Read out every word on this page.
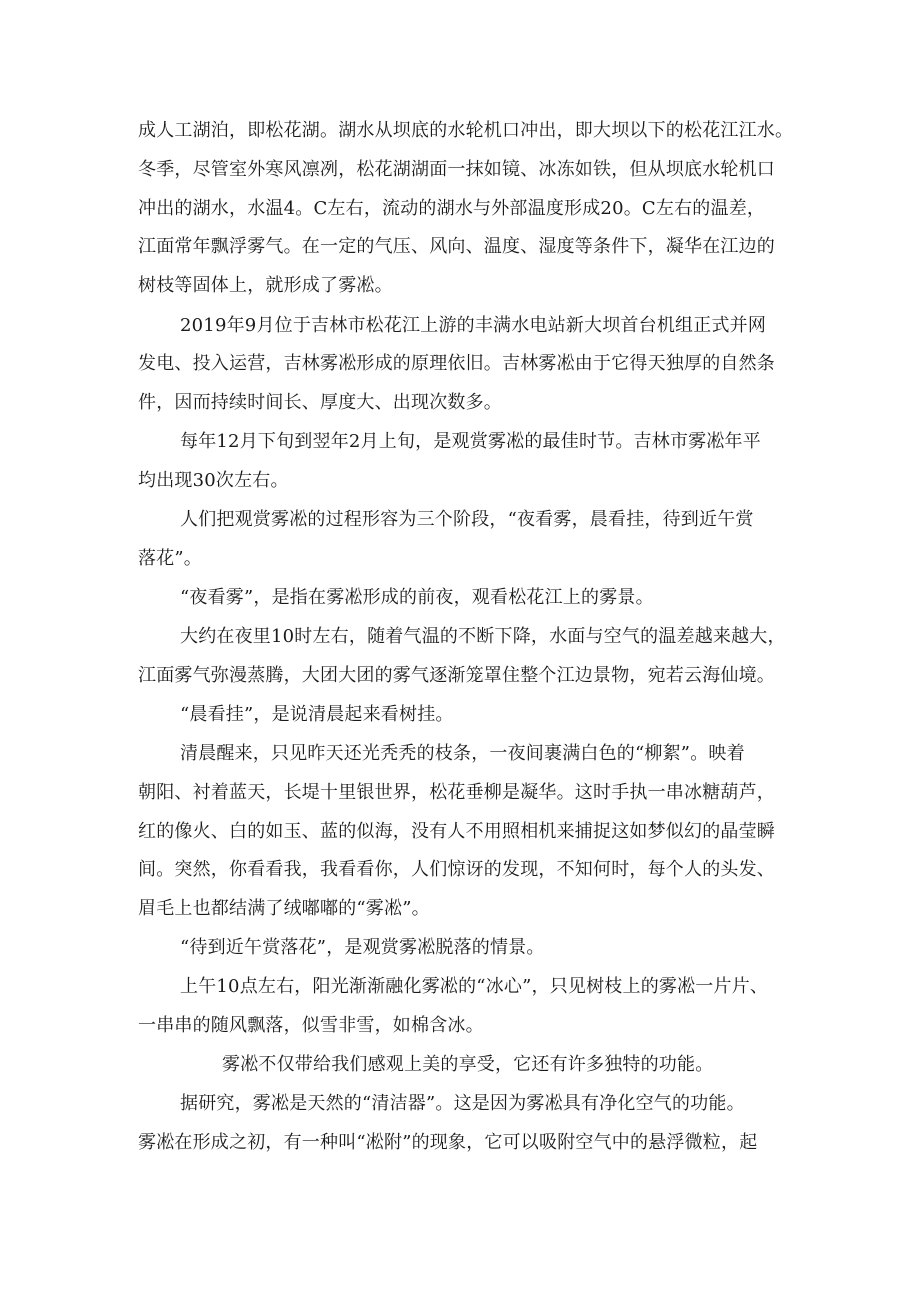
成人工湖泊，即松花湖。湖水从坝底的水轮机口冲出，即大坝以下的松花江江水。
冬季，尽管室外寒风凛冽，松花湖湖面一抹如镜、冰冻如铁，但从坝底水轮机口
冲出的湖水，水温4。C左右，流动的湖水与外部温度形成20。C左右的温差，
江面常年飘浮雾气。在一定的气压、风向、温度、湿度等条件下，凝华在江边的
树枝等固体上，就形成了雾凇。
2019年9月位于吉林市松花江上游的丰满水电站新大坝首台机组正式并网
发电、投入运营，吉林雾凇形成的原理依旧。吉林雾凇由于它得天独厚的自然条
件，因而持续时间长、厚度大、出现次数多。
每年12月下旬到翌年2月上旬，是观赏雾凇的最佳时节。吉林市雾凇年平
均出现30次左右。
人们把观赏雾凇的过程形容为三个阶段，“夜看雾，晨看挂，待到近午赏
落花”。
“夜看雾”，是指在雾凇形成的前夜，观看松花江上的雾景。
大约在夜里10时左右，随着气温的不断下降，水面与空气的温差越来越大，
江面雾气弥漫蒸腾，大团大团的雾气逐渐笼罩住整个江边景物，宛若云海仙境。
“晨看挂”，是说清晨起来看树挂。
清晨醒来，只见昨天还光秃秃的枝条，一夜间裹满白色的“柳絮”。映着
朝阳、衬着蓝天，长堤十里银世界，松花垂柳是凝华。这时手执一串冰糖葫芦，
红的像火、白的如玉、蓝的似海，没有人不用照相机来捕捉这如梦似幻的晶莹瞬
间。突然，你看看我，我看看你，人们惊讶的发现，不知何时，每个人的头发、
眉毛上也都结满了绒嘟嘟的“雾凇”。
“待到近午赏落花”，是观赏雾凇脱落的情景。
上午10点左右，阳光渐渐融化雾凇的“冰心”，只见树枝上的雾凇一片片、
一串串的随风飘落，似雪非雪，如棉含冰。
雾凇不仅带给我们感观上美的享受，它还有许多独特的功能。
据研究，雾凇是天然的“清洁器”。这是因为雾凇具有净化空气的功能。
雾凇在形成之初，有一种叫“凇附”的现象，它可以吸附空气中的悬浮微粒，起
